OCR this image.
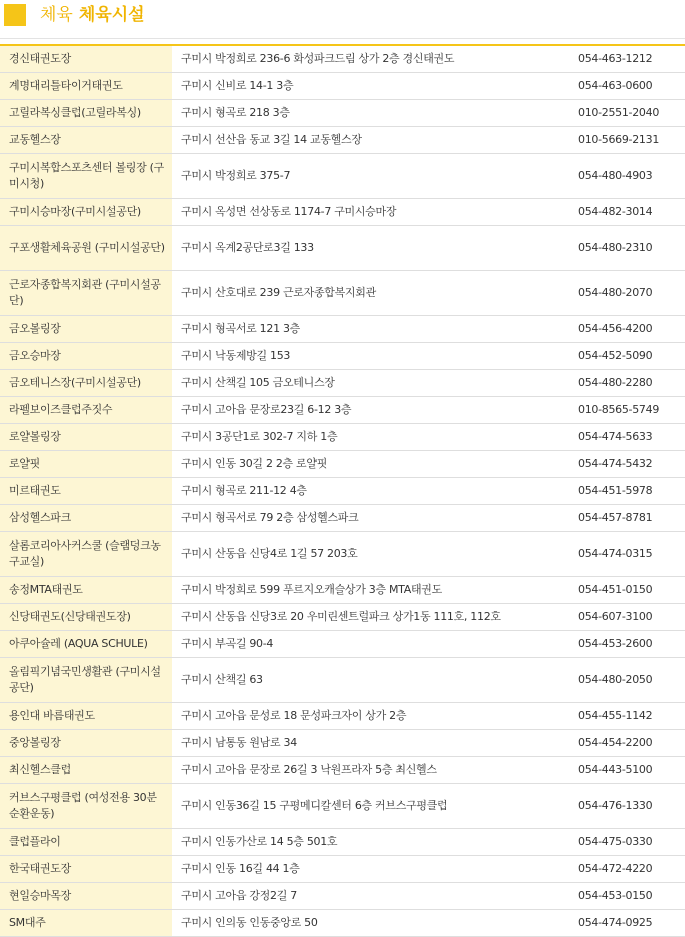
체육 체육시설
경신태권도장	구미시 박정희로 236-6 화성파크드림 상가 2층 경신태권도	054-463-1212
계명대리틀타이거태권도	구미시 신비로 14-1 3층	054-463-0600
고릴라복싱클럽(고릴라복싱)	구미시 형곡로 218 3층	010-2551-2040
교동헬스장	구미시 선산읍 동교 3길 14 교동헬스장	010-5669-2131
구미시복합스포츠센터 볼링장 (구미시청)	구미시 박정희로 375-7	054-480-4903
구미시승마장(구미시설공단)	구미시 옥성면 선상동로 1174-7 구미시승마장	054-482-3014
구포생활체육공원 (구미시설공단)	구미시 옥계2공단로3길 133	054-480-2310
근로자종합복지회관 (구미시설공단)	구미시 산호대로 239 근로자종합복지회관	054-480-2070
금오볼링장	구미시 형곡서로 121 3층	054-456-4200
금오승마장	구미시 낙동제방길 153	054-452-5090
금오테니스장(구미시설공단)	구미시 산책길 105 금오테니스장	054-480-2280
라펠보이즈클럽주짓수	구미시 고아읍 문장로23길 6-12 3층	010-8565-5749
로얄볼링장	구미시 3공단1로 302-7 지하 1층	054-474-5633
로얄핏	구미시 인동 30길 2 2층 로얄핏	054-474-5432
미르태권도	구미시 형곡로 211-12 4층	054-451-5978
삼성헬스파크	구미시 형곡서로 79 2층 삼성헬스파크	054-457-8781
살롬코리아사커스쿨 (슬램덩크농구교실)	구미시 산동읍 신당4로 1길 57 203호	054-474-0315
송정MTA태권도	구미시 박정희로 599 푸르지오캐슬상가 3층 MTA태권도	054-451-0150
신당태권도(신당태권도장)	구미시 산동읍 신당3로 20 우미린센트럴파크 상가1동 111호, 112호	054-607-3100
아쿠아슐레 (AQUA SCHULE)	구미시 부곡길 90-4	054-453-2600
올림픽기념국민생활관 (구미시설공단)	구미시 산책길 63	054-480-2050
용인대 바름태권도	구미시 고아읍 문성로 18 문성파크자이 상가 2층	054-455-1142
중앙볼링장	구미시 남통동 원남로 34	054-454-2200
최신헬스클럽	구미시 고아읍 문장로 26길 3 낙원프라자 5층 최신헬스	054-443-5100
커브스구평클럽 (여성전용 30분순환운동)	구미시 인동36길 15 구평메디칼센터 6층 커브스구평클럽	054-476-1330
클럽플라이	구미시 인동가산로 14 5층 501호	054-475-0330
한국태권도장	구미시 인동 16길 44 1층	054-472-4220
현일승마목장	구미시 고아읍 강정2길 7	054-453-0150
SM대주	구미시 인의동 인동중앙로 50	054-474-0925
